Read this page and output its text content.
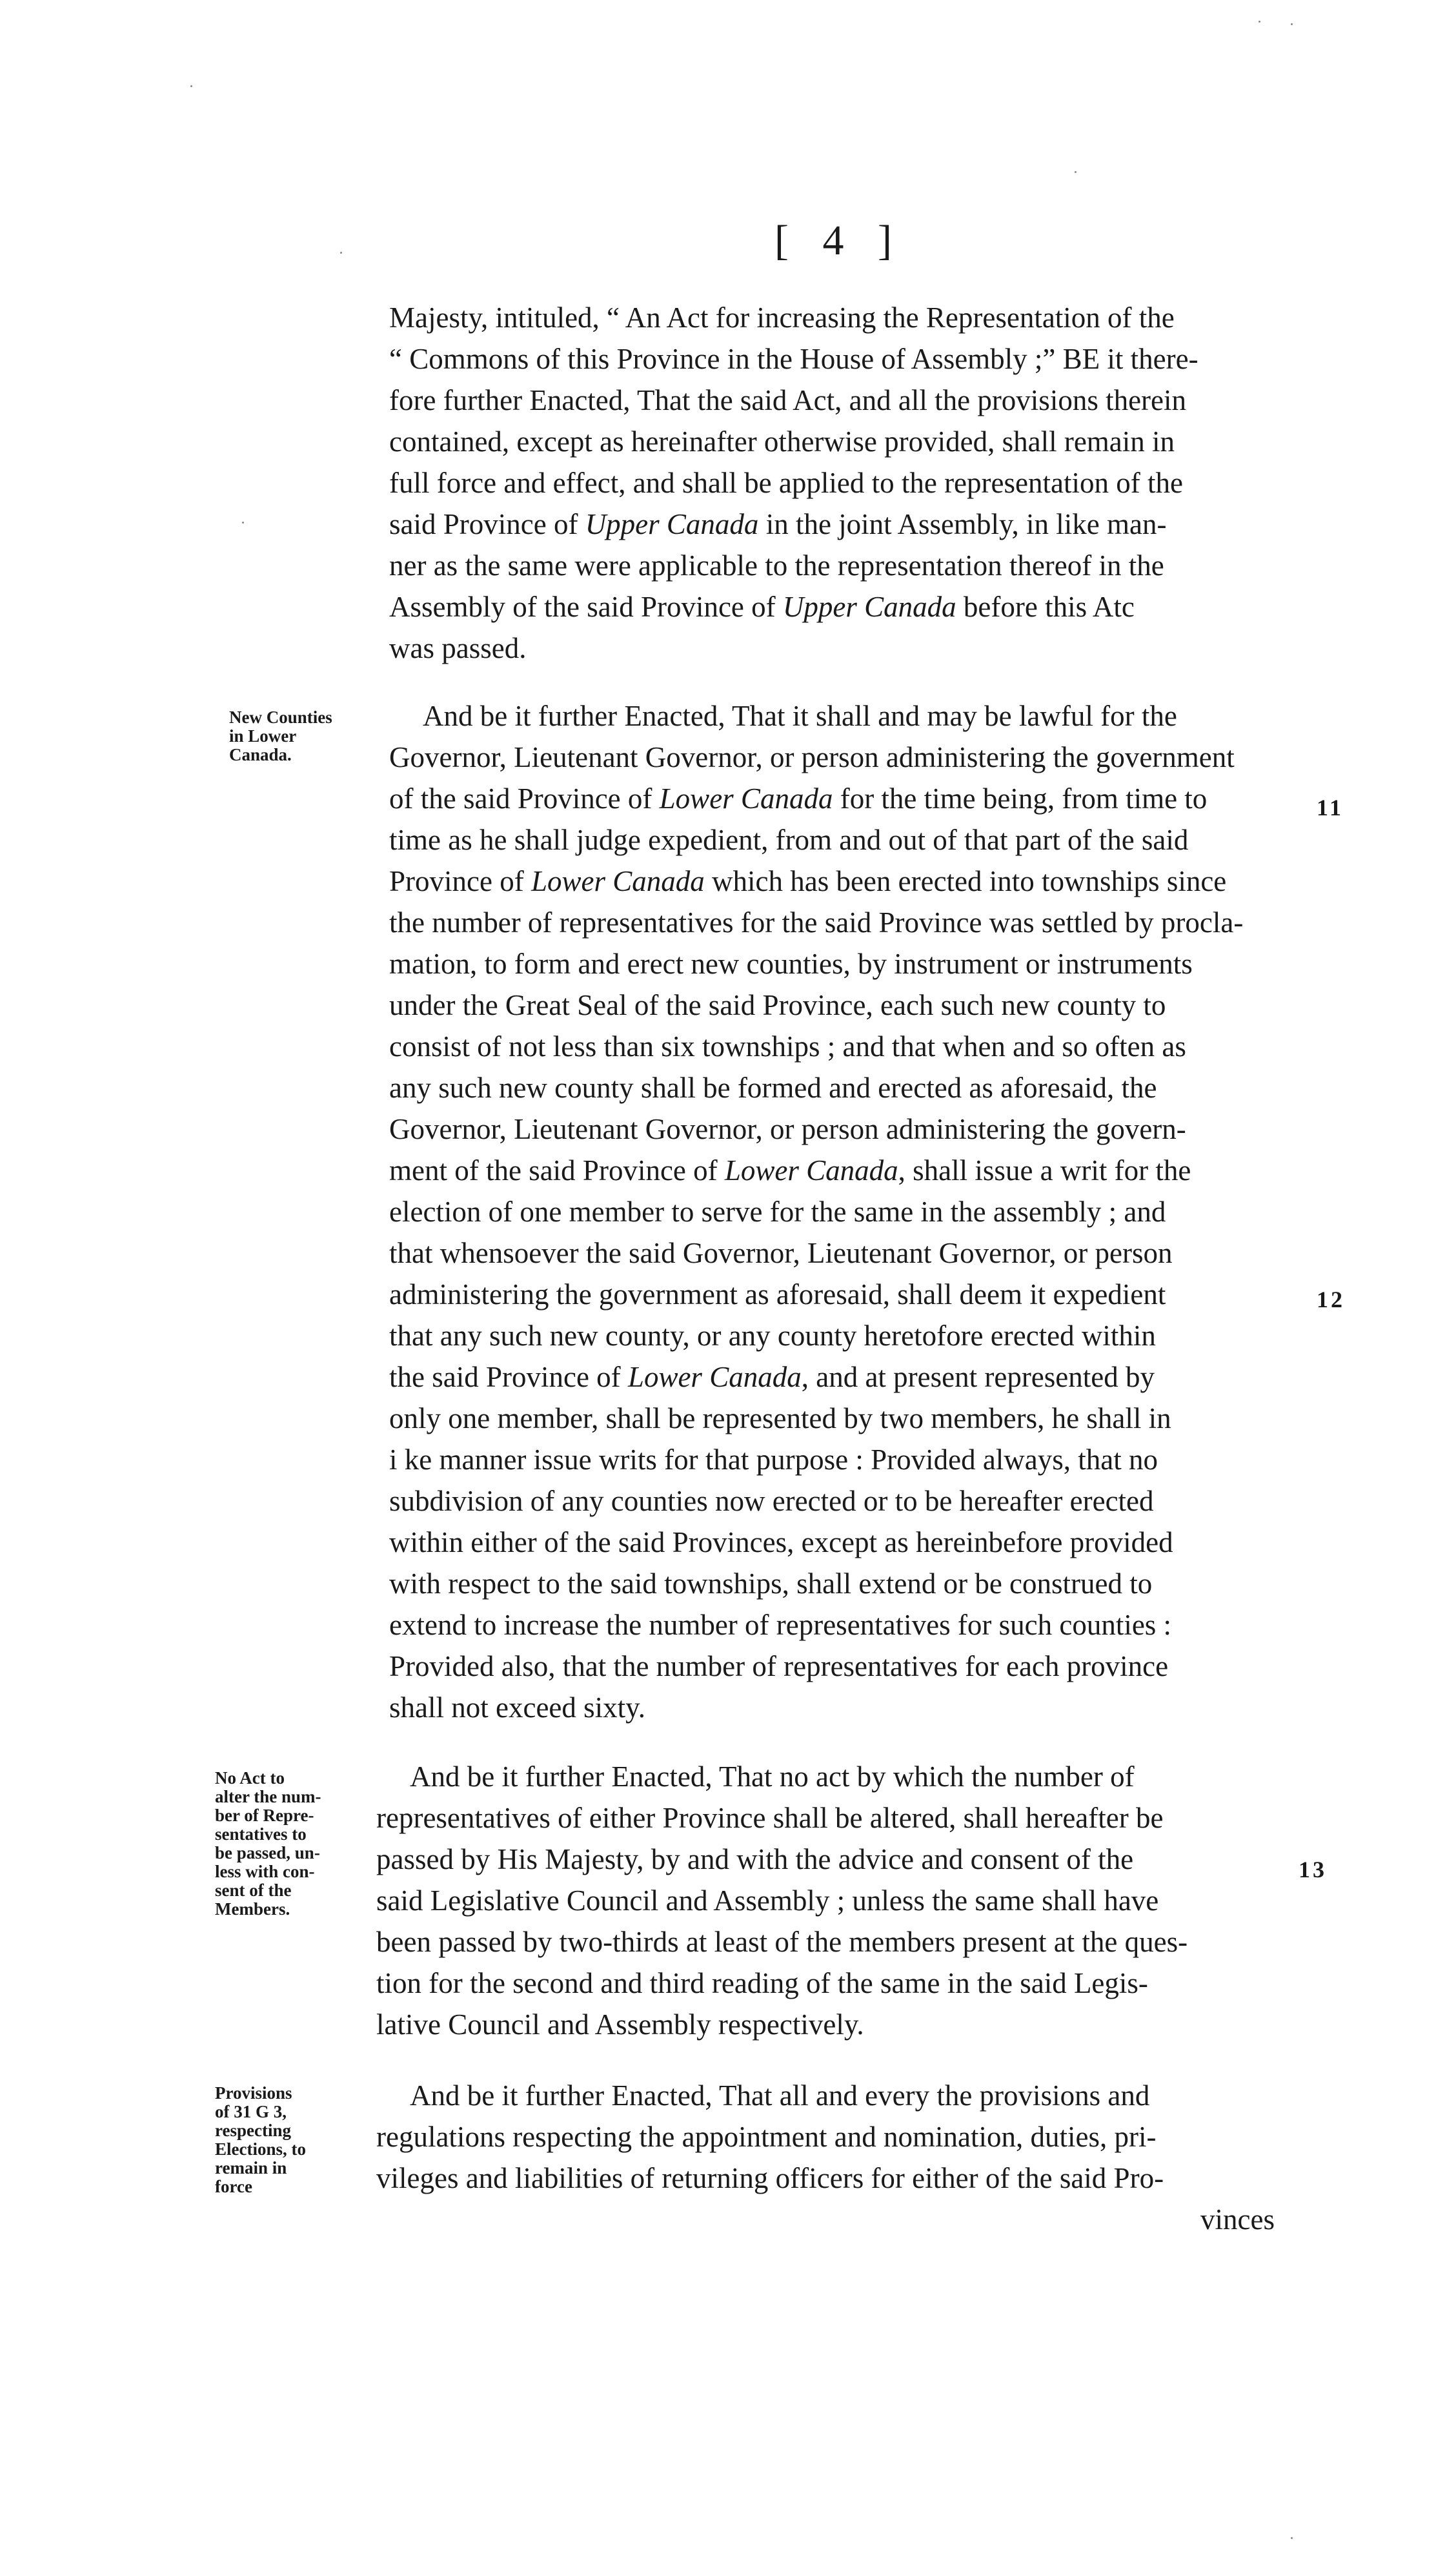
[ 4 ]
Majesty, intituled, “ An Act for increasing the Representation of the
“ Commons of this Province in the House of Assembly ;” BE it there-
fore further Enacted, That the said Act, and all the provisions therein
contained, except as hereinafter otherwise provided, shall remain in
full force and effect, and shall be applied to the representation of the
said Province of Upper Canada in the joint Assembly, in like man-
ner as the same were applicable to the representation thereof in the
Assembly of the said Province of Upper Canada before this Atc
was passed.
New Counties
in Lower
Canada.
And be it further Enacted, That it shall and may be lawful for the
Governor, Lieutenant Governor, or person administering the government
of the said Province of Lower Canada for the time being, from time to
time as he shall judge expedient, from and out of that part of the said
Province of Lower Canada which has been erected into townships since
the number of representatives for the said Province was settled by procla-
mation, to form and erect new counties, by instrument or instruments
under the Great Seal of the said Province, each such new county to
consist of not less than six townships ; and that when and so often as
any such new county shall be formed and erected as aforesaid, the
Governor, Lieutenant Governor, or person administering the govern-
ment of the said Province of Lower Canada, shall issue a writ for the
election of one member to serve for the same in the assembly ; and
that whensoever the said Governor, Lieutenant Governor, or person
administering the government as aforesaid, shall deem it expedient
that any such new county, or any county heretofore erected within
the said Province of Lower Canada, and at present represented by
only one member, shall be represented by two members, he shall in
i ke manner issue writs for that purpose : Provided always, that no
subdivision of any counties now erected or to be hereafter erected
within either of the said Provinces, except as hereinbefore provided
with respect to the said townships, shall extend or be construed to
extend to increase the number of representatives for such counties :
Provided also, that the number of representatives for each province
shall not exceed sixty.
11
12
No Act to
alter the num-
ber of Repre-
sentatives to
be passed, un-
less with con-
sent of the
Members.
And be it further Enacted, That no act by which the number of
representatives of either Province shall be altered, shall hereafter be
passed by His Majesty, by and with the advice and consent of the
said Legislative Council and Assembly ; unless the same shall have
been passed by two-thirds at least of the members present at the ques-
tion for the second and third reading of the same in the said Legis-
lative Council and Assembly respectively.
13
Provisions
of 31 G 3,
respecting
Elections, to
remain in
force
And be it further Enacted, That all and every the provisions and
regulations respecting the appointment and nomination, duties, pri-
vileges and liabilities of returning officers for either of the said Pro-
vinces
